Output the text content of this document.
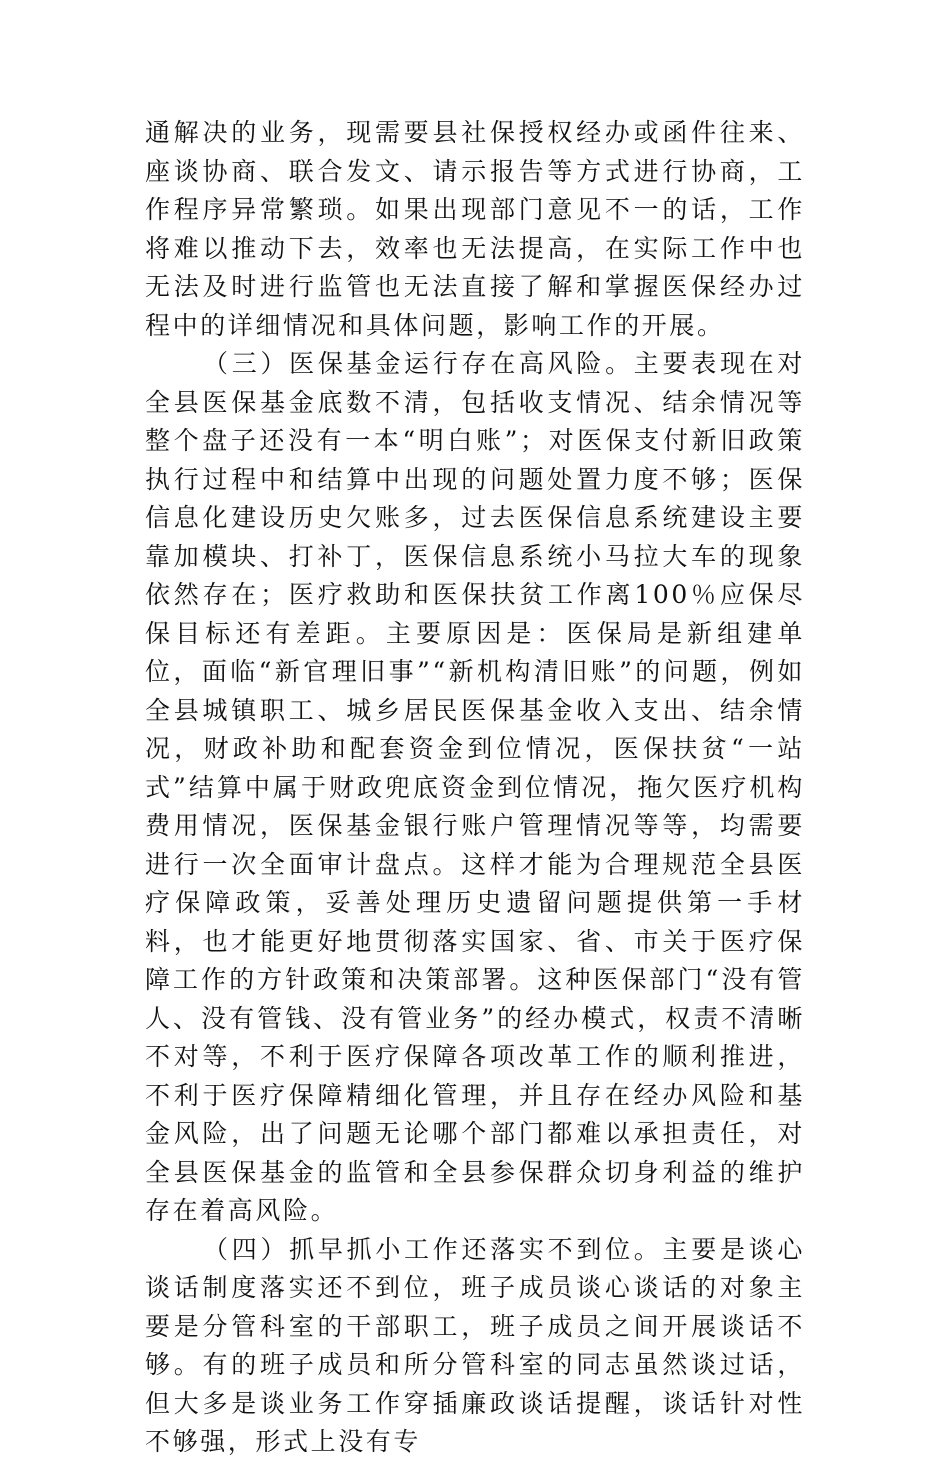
通解决的业务，现需要县社保授权经办或函件往来、座谈协商、联合发文、请示报告等方式进行协商，工作程序异常繁琐。如果出现部门意见不一的话，工作将难以推动下去，效率也无法提高，在实际工作中也无法及时进行监管也无法直接了解和掌握医保经办过程中的详细情况和具体问题，影响工作的开展。

（三）医保基金运行存在高风险。主要表现在对全县医保基金底数不清，包括收支情况、结余情况等整个盘子还没有一本“明白账”；对医保支付新旧政策执行过程中和结算中出现的问题处置力度不够；医保信息化建设历史欠账多，过去医保信息系统建设主要靠加模块、打补丁，医保信息系统小马拉大车的现象依然存在；医疗救助和医保扶贫工作离100％应保尽保目标还有差距。主要原因是：医保局是新组建单位，面临“新官理旧事”“新机构清旧账”的问题，例如全县城镇职工、城乡居民医保基金收入支出、结余情况，财政补助和配套资金到位情况，医保扶贫“一站式”结算中属于财政兜底资金到位情况，拖欠医疗机构费用情况，医保基金银行账户管理情况等等，均需要进行一次全面审计盘点。这样才能为合理规范全县医疗保障政策，妥善处理历史遗留问题提供第一手材料，也才能更好地贯彻落实国家、省、市关于医疗保障工作的方针政策和决策部署。这种医保部门“没有管人、没有管钱、没有管业务”的经办模式，权责不清晰不对等，不利于医疗保障各项改革工作的顺利推进，不利于医疗保障精细化管理，并且存在经办风险和基金风险，出了问题无论哪个部门都难以承担责任，对全县医保基金的监管和全县参保群众切身利益的维护存在着高风险。

（四）抓早抓小工作还落实不到位。主要是谈心谈话制度落实还不到位，班子成员谈心谈话的对象主要是分管科室的干部职工，班子成员之间开展谈话不够。有的班子成员和所分管科室的同志虽然谈过话，但大多是谈业务工作穿插廉政谈话提醒，谈话针对性不够强，形式上没有专
